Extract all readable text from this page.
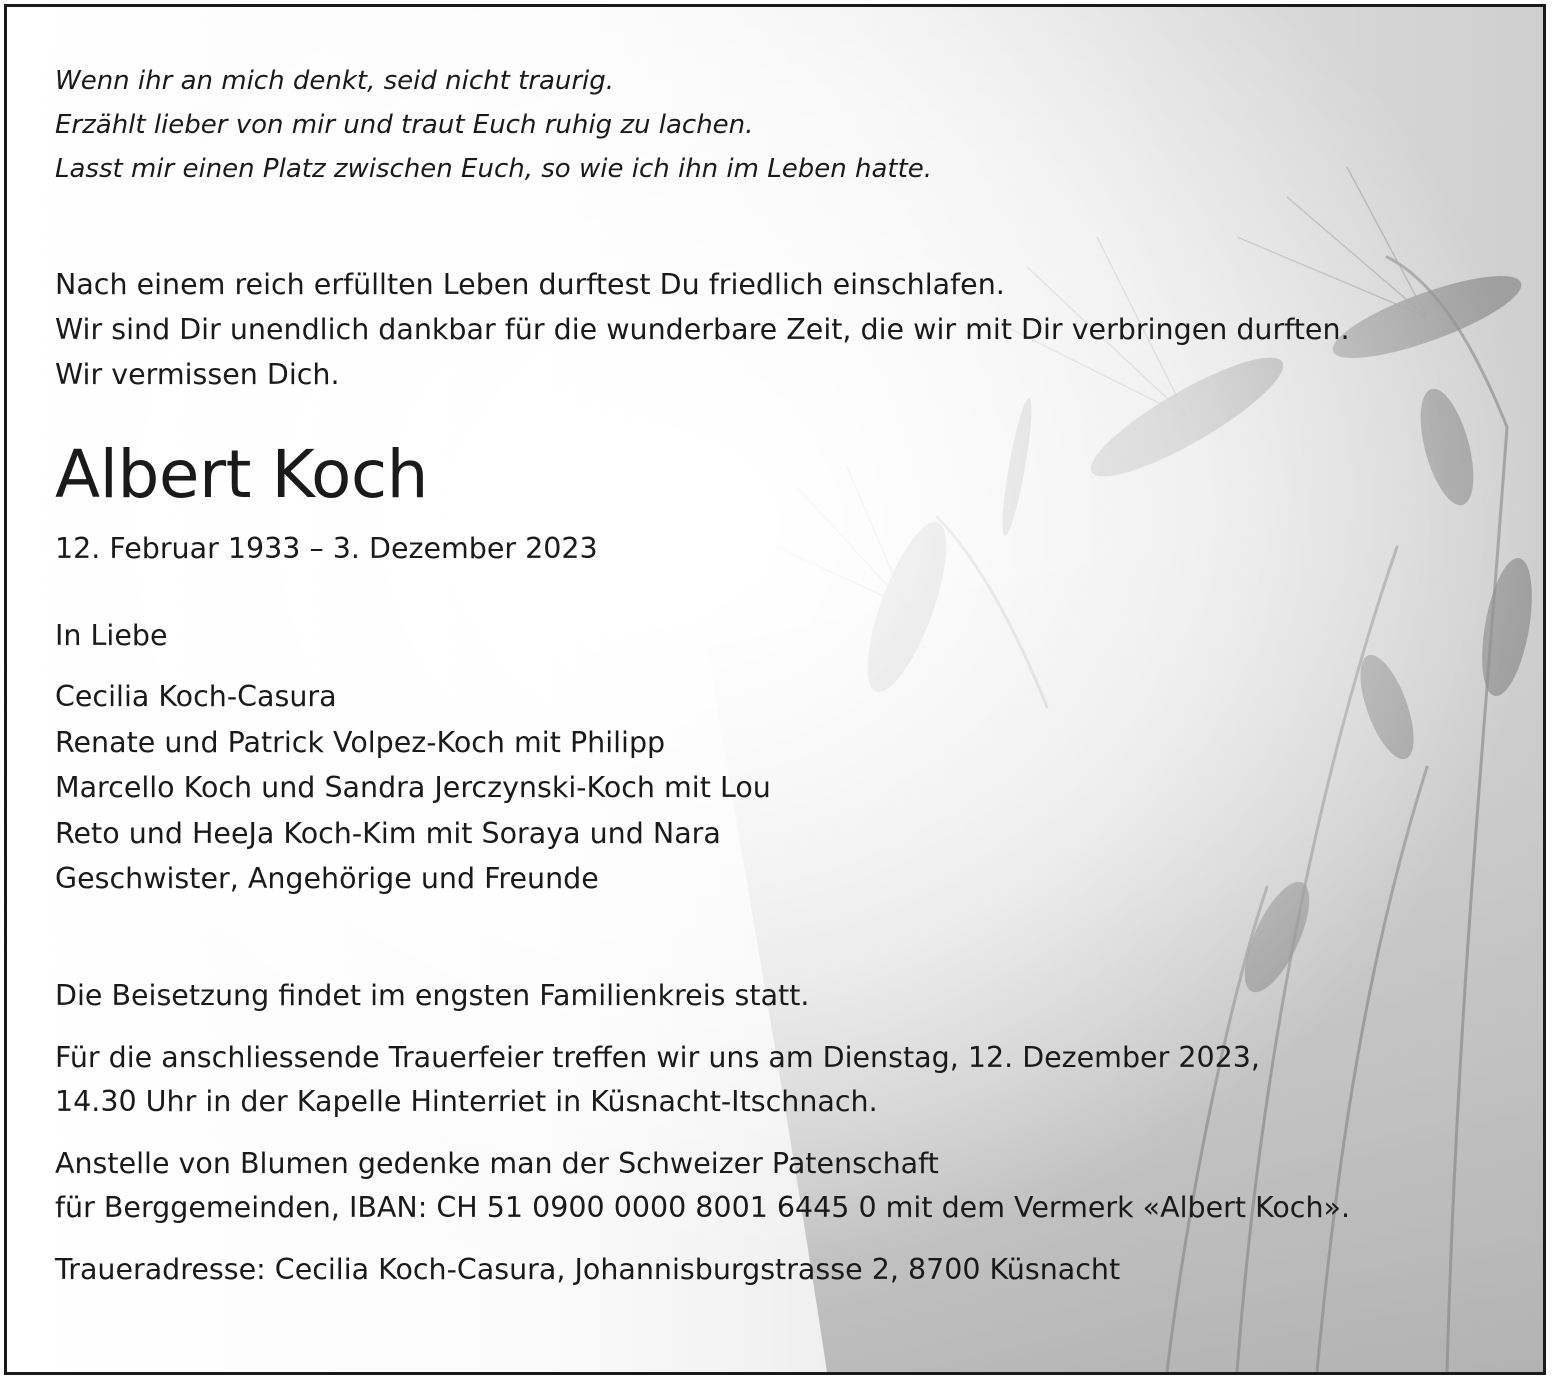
Wenn ihr an mich denkt, seid nicht traurig.
Erzählt lieber von mir und traut Euch ruhig zu lachen.
Lasst mir einen Platz zwischen Euch, so wie ich ihn im Leben hatte.
Nach einem reich erfüllten Leben durftest Du friedlich einschlafen.
Wir sind Dir unendlich dankbar für die wunderbare Zeit, die wir mit Dir verbringen durften.
Wir vermissen Dich.
Albert Koch
12. Februar 1933 – 3. Dezember 2023
In Liebe
Cecilia Koch-Casura
Renate und Patrick Volpez-Koch mit Philipp
Marcello Koch und Sandra Jerczynski-Koch mit Lou
Reto und HeeJa Koch-Kim mit Soraya und Nara
Geschwister, Angehörige und Freunde
Die Beisetzung findet im engsten Familienkreis statt.
Für die anschliessende Trauerfeier treffen wir uns am Dienstag, 12. Dezember 2023,
14.30 Uhr in der Kapelle Hinterriet in Küsnacht-Itschnach.
Anstelle von Blumen gedenke man der Schweizer Patenschaft
für Berggemeinden, IBAN: CH 51 0900 0000 8001 6445 0 mit dem Vermerk «Albert Koch».
Traueradresse: Cecilia Koch-Casura, Johannisburgstrasse 2, 8700 Küsnacht
